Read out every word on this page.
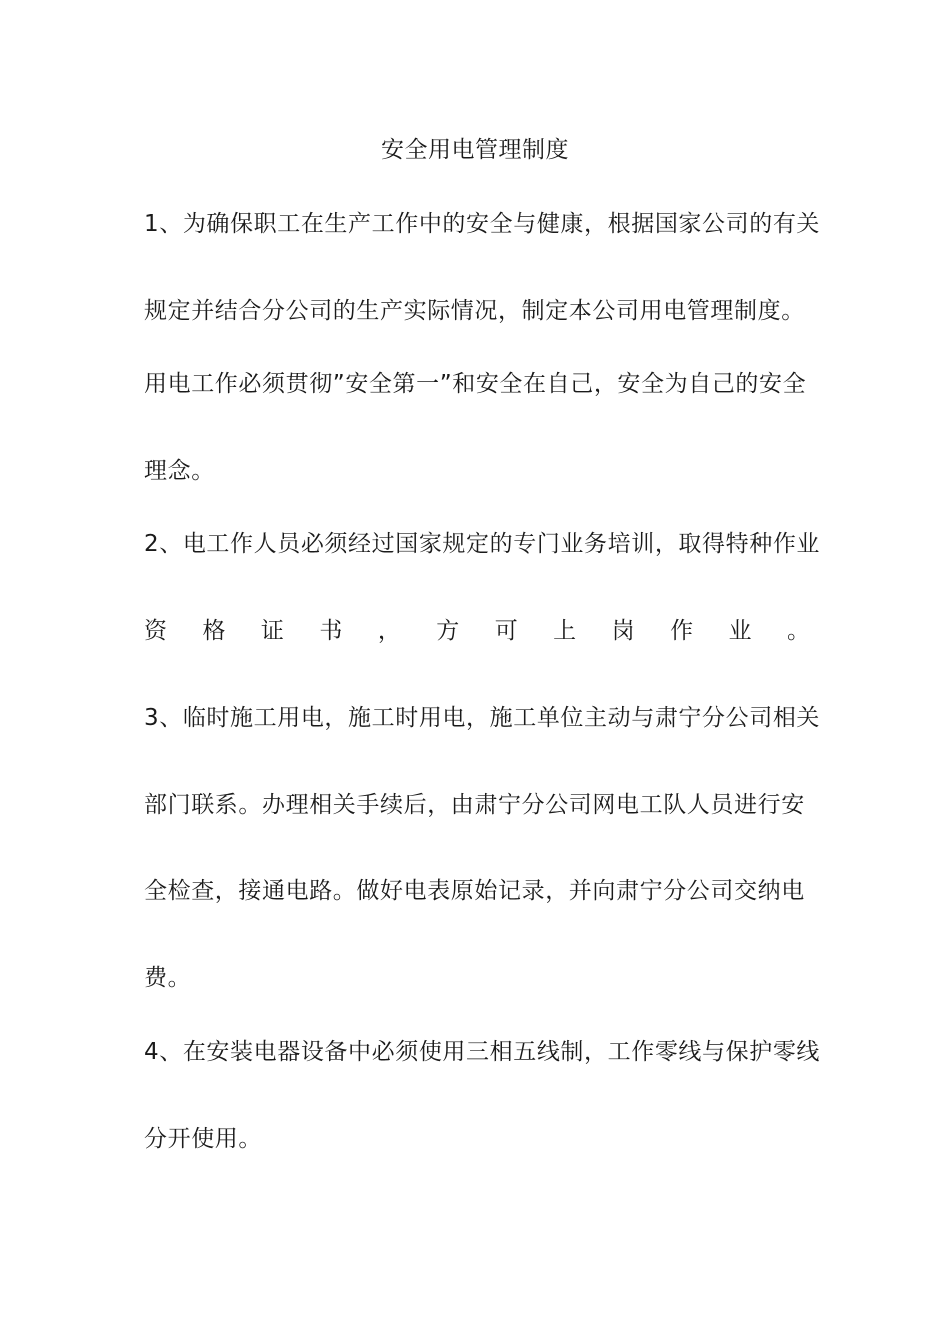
安全用电管理制度
1、为确保职工在生产工作中的安全与健康，根据国家公司的有关
规定并结合分公司的生产实际情况，制定本公司用电管理制度。
用电工作必须贯彻”安全第一”和安全在自己，安全为自己的安全
理念。
2、电工作人员必须经过国家规定的专门业务培训，取得特种作业
资 格 证 书 ， 方 可 上 岗 作 业 。
3、临时施工用电，施工时用电，施工单位主动与肃宁分公司相关
部门联系。办理相关手续后，由肃宁分公司网电工队人员进行安
全检查，接通电路。做好电表原始记录，并向肃宁分公司交纳电
费。
4、在安装电器设备中必须使用三相五线制，工作零线与保护零线
分开使用。
